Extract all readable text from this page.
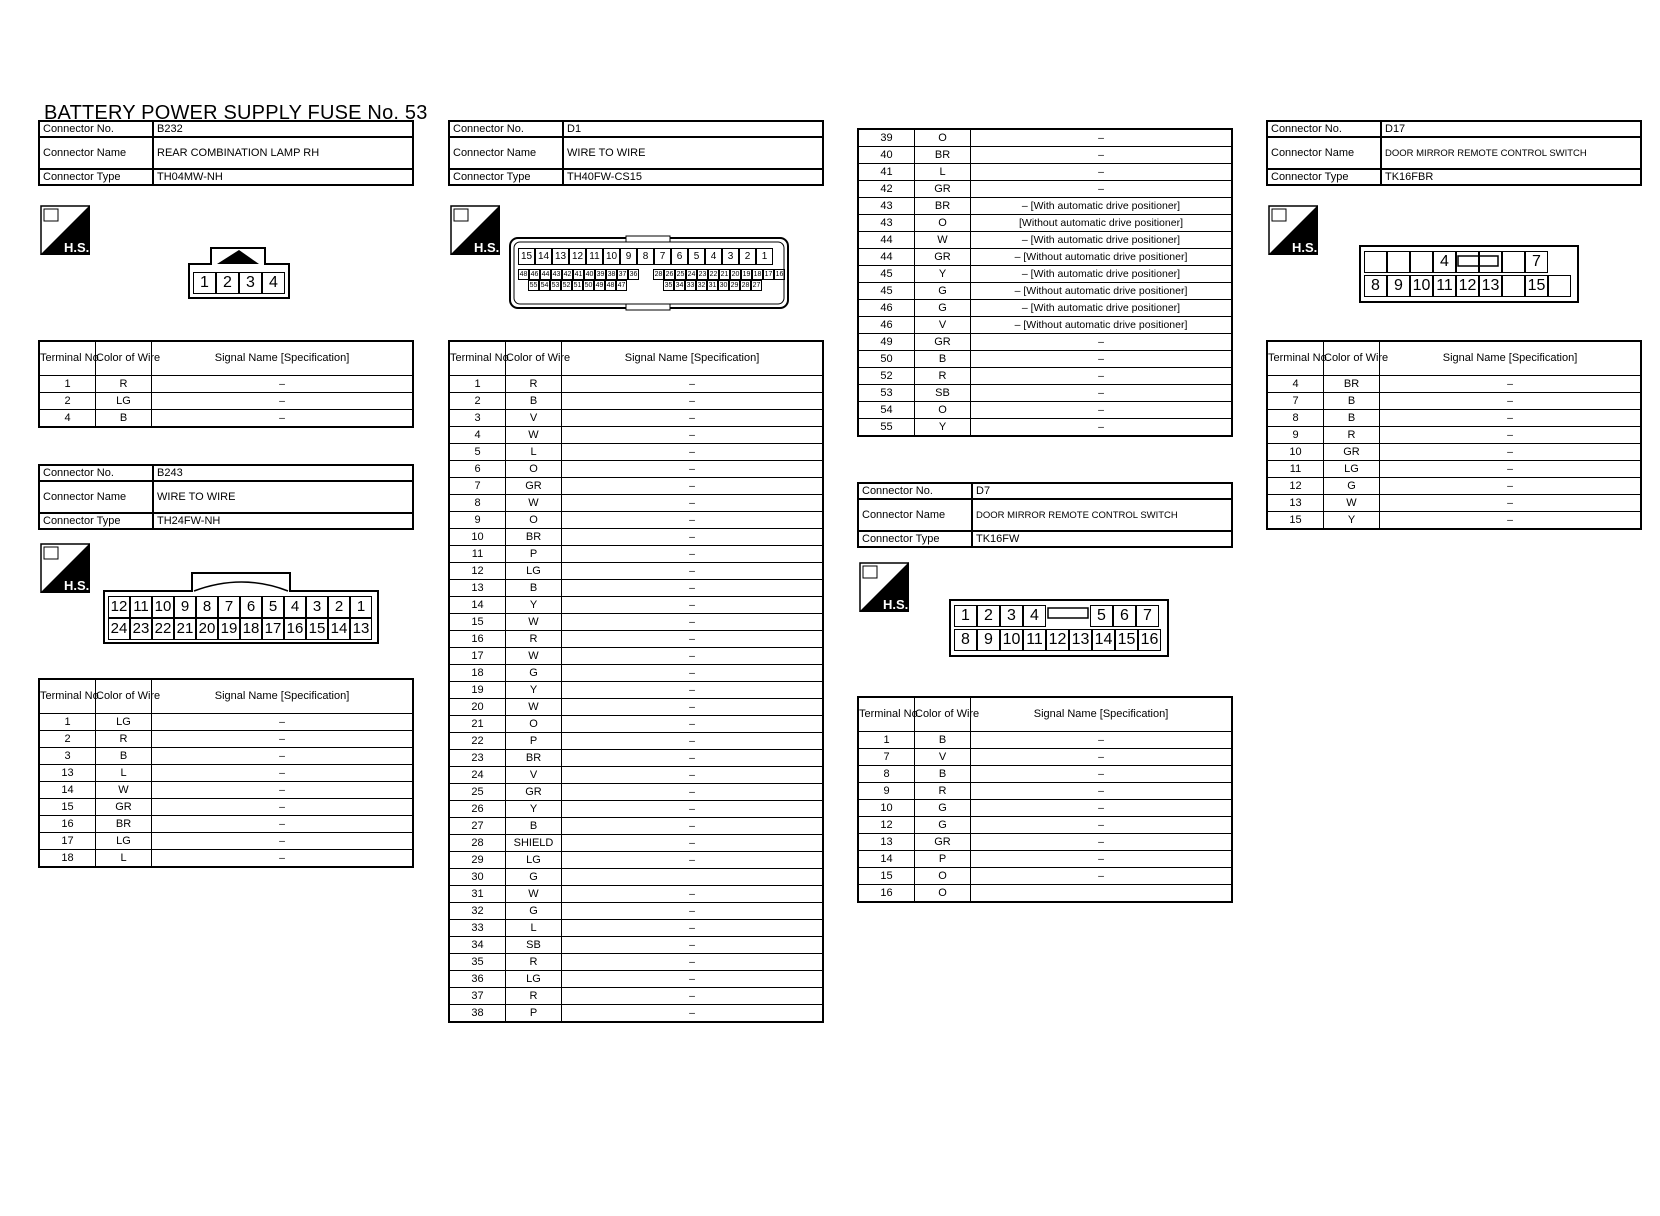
BATTERY POWER SUPPLY FUSE No. 53
Connector No.	B232
Connector Name	REAR COMBINATION LAMP RH
Connector Type	TH04MW-NH
H.S.
1 2 3 4
Terminal No.	Color of Wire	Signal Name [Specification]
1	R	–
2	LG	–
4	B	–
Connector No.	B243
Connector Name	WIRE TO WIRE
Connector Type	TH24FW-NH
H.S.
12 11 10 9 8 7 6 5 4 3 2 1
24 23 22 21 20 19 18 17 16 15 14 13
Terminal No.	Color of Wire	Signal Name [Specification]
1	LG	–
2	R	–
3	B	–
13	L	–
14	W	–
15	GR	–
16	BR	–
17	LG	–
18	L	–
Connector No.	D1
Connector Name	WIRE TO WIRE
Connector Type	TH40FW-CS15
H.S.
15 14 13 12 11 10 9	8	7	6	5	4	3	2	1
48 46 44 43 42 41 40 39 38 37 36 28 26 25 24 23 22 21 20 19 18 17 16
55 54 53 52 51 50 49 48 47	35 34 33 32 31 30 29 28 27
Terminal No.	Color of Wire	Signal Name [Specification]
1	R	–
2	B	–
3	V	–
4	W	–
5	L	–
6	O	–
7	GR	–
8	W	–
9	O	–
10	BR	–
11	P	–
12	LG	–
13	B	–
14	Y	–
15	W	–
16	R	–
17	W	–
18	G	–
19	Y	–
20	W	–
21	O	–
22	P	–
23	BR	–
24	V	–
25	GR	–
26	Y	–
27	B	–
28	SHIELD	–
29	LG	–
30	G	
31	W	–
32	G	–
33	L	–
34	SB	–
35	R	–
36	LG	–
37	R	–
38	P	–
39	O	–
40	BR	–
41	L	–
42	GR	–
43	BR	– [With automatic drive positioner]
43	O	[Without automatic drive positioner]
44	W	– [With automatic drive positioner]
44	GR	– [Without automatic drive positioner]
45	Y	– [With automatic drive positioner]
45	G	– [Without automatic drive positioner]
46	G	– [With automatic drive positioner]
46	V	– [Without automatic drive positioner]
49	GR	–
50	B	–
52	R	–
53	SB	–
54	O	–
55	Y	–
Connector No.	D7
Connector Name	DOOR MIRROR REMOTE CONTROL SWITCH
Connector Type	TK16FW
H.S.
1 2 3 4	5 6 7
8 9 10 11 12 13 14 15 16
Terminal No.	Color of Wire	Signal Name [Specification]
1	B	–
7	V	–
8	B	–
9	R	–
10	G	–
12	G	–
13	GR	–
14	P	–
15	O	–
16	O	
Connector No.	D17
Connector Name	DOOR MIRROR REMOTE CONTROL SWITCH
Connector Type	TK16FBR
H.S.
4	7
8 9 10 11 12 13 15
Terminal No.	Color of Wire	Signal Name [Specification]
4	BR	–
7	B	–
8	B	–
9	R	–
10	GR	–
11	LG	–
12	G	–
13	W	–
15	Y	–
